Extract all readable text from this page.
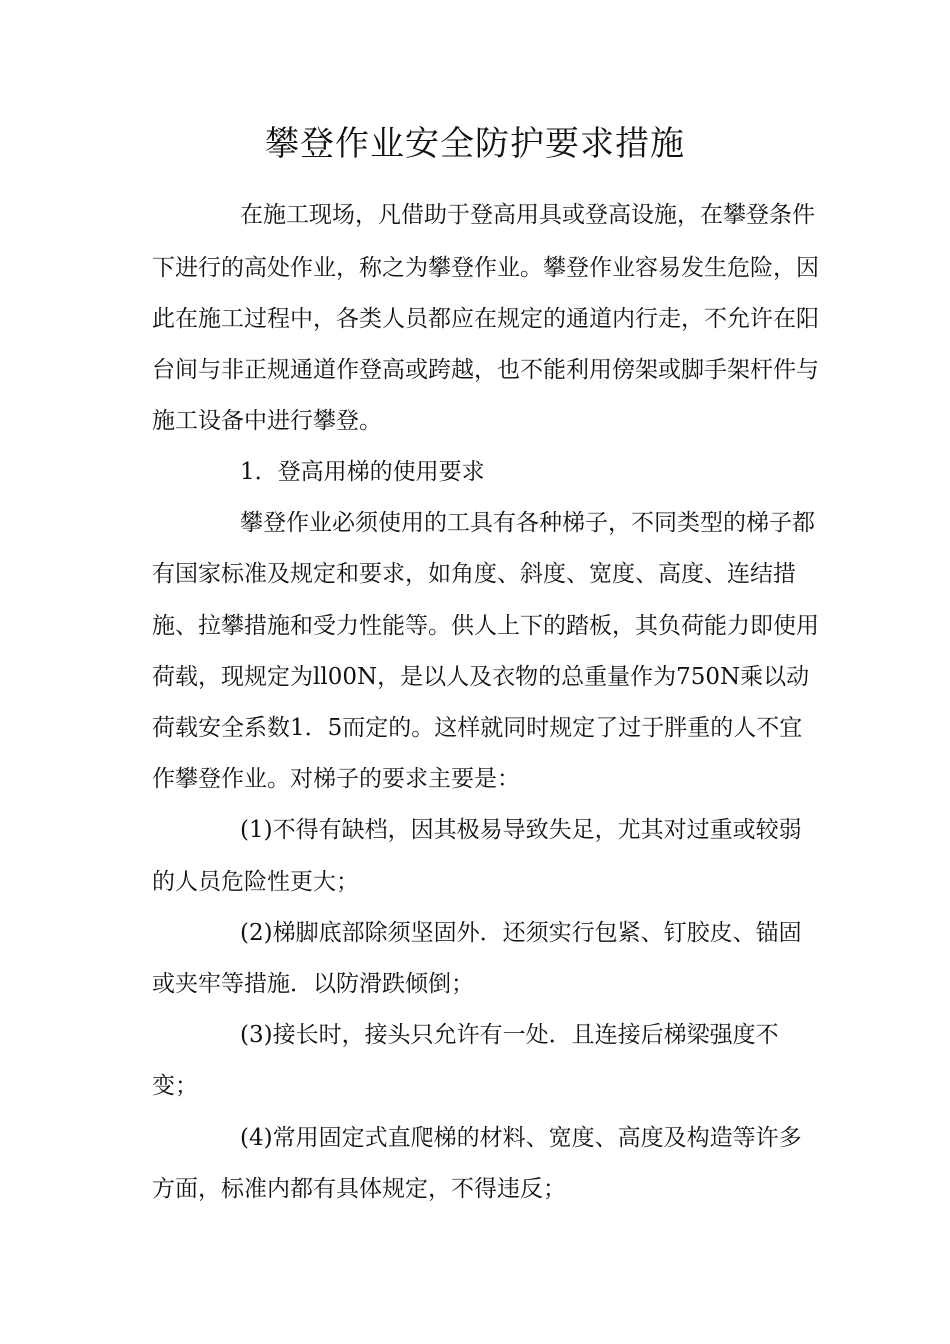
攀登作业安全防护要求措施

在施工现场，凡借助于登高用具或登高设施，在攀登条件

下进行的高处作业，称之为攀登作业。攀登作业容易发生危险，因

此在施工过程中，各类人员都应在规定的通道内行走，不允许在阳

台间与非正规通道作登高或跨越，也不能利用傍架或脚手架杆件与

施工设备中进行攀登。

1．登高用梯的使用要求

攀登作业必须使用的工具有各种梯子，不同类型的梯子都

有国家标准及规定和要求，如角度、斜度、宽度、高度、连结措

施、拉攀措施和受力性能等。供人上下的踏板，其负荷能力即使用

荷载，现规定为ll00N，是以人及衣物的总重量作为750N乘以动

荷载安全系数1．5而定的。这样就同时规定了过于胖重的人不宜

作攀登作业。对梯子的要求主要是：

(1)不得有缺档，因其极易导致失足，尤其对过重或较弱

的人员危险性更大；

(2)梯脚底部除须坚固外．还须实行包紧、钉胶皮、锚固

或夹牢等措施．以防滑跌倾倒；

(3)接长时，接头只允许有一处．且连接后梯梁强度不

变；

(4)常用固定式直爬梯的材料、宽度、高度及构造等许多

方面，标准内都有具体规定，不得违反；
